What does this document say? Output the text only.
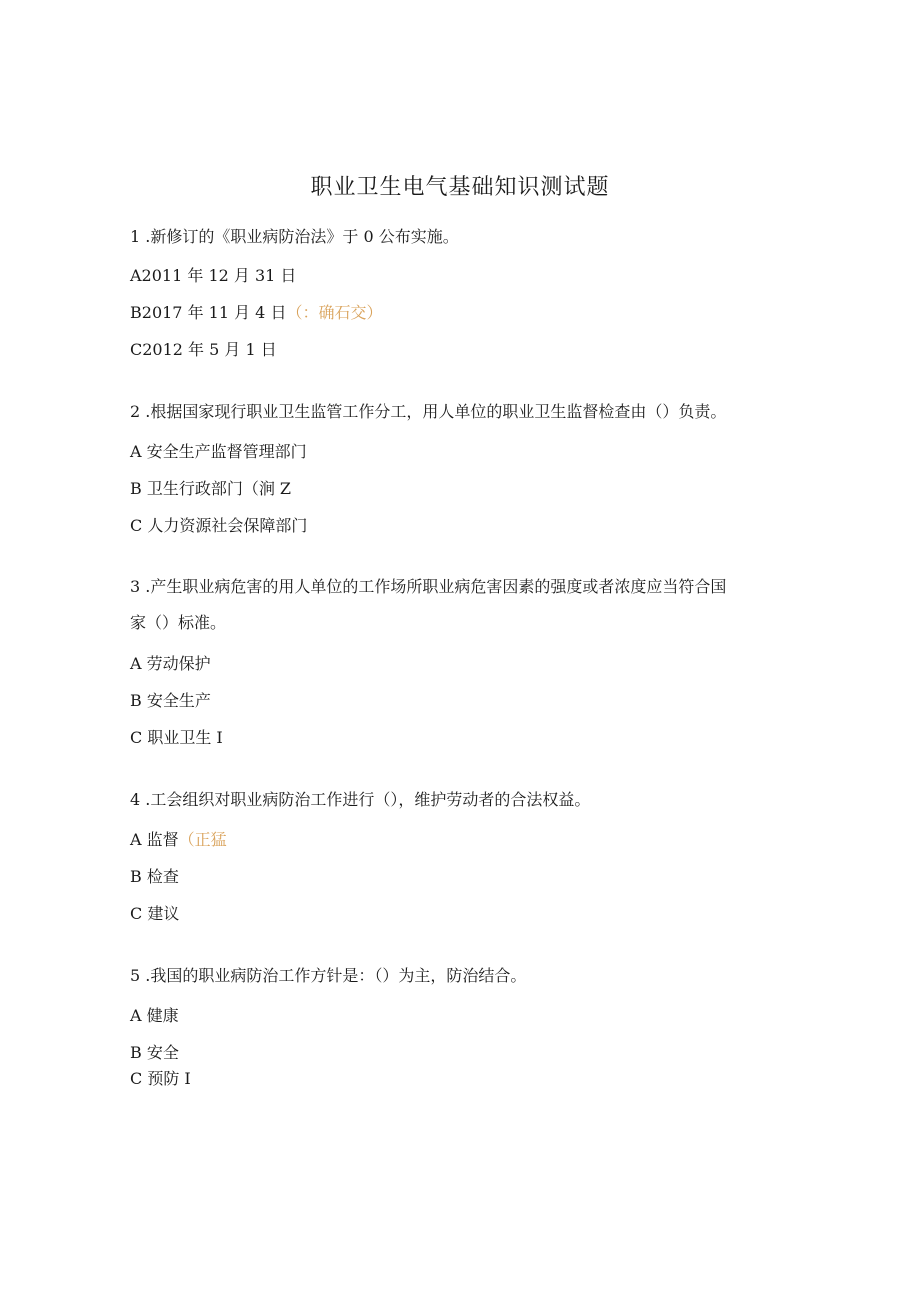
职业卫生电气基础知识测试题
1 .新修订的《职业病防治法》于 0 公布实施。
A2011 年 12 月 31 日
B2017 年 11 月 4 日（：确石交）
C2012 年 5 月 1 日
2 .根据国家现行职业卫生监管工作分工，用人单位的职业卫生监督检查由（）负责。
A 安全生产监督管理部门
B 卫生行政部门（涧 Z
C 人力资源社会保障部门
3 .产生职业病危害的用人单位的工作场所职业病危害因素的强度或者浓度应当符合国
家（）标准。
A 劳动保护
B 安全生产
C 职业卫生 I
4 .工会组织对职业病防治工作进行（），维护劳动者的合法权益。
A 监督（正猛
B 检查
C 建议
5 .我国的职业病防治工作方针是：（）为主，防治结合。
A 健康
B 安全
C 预防 I
